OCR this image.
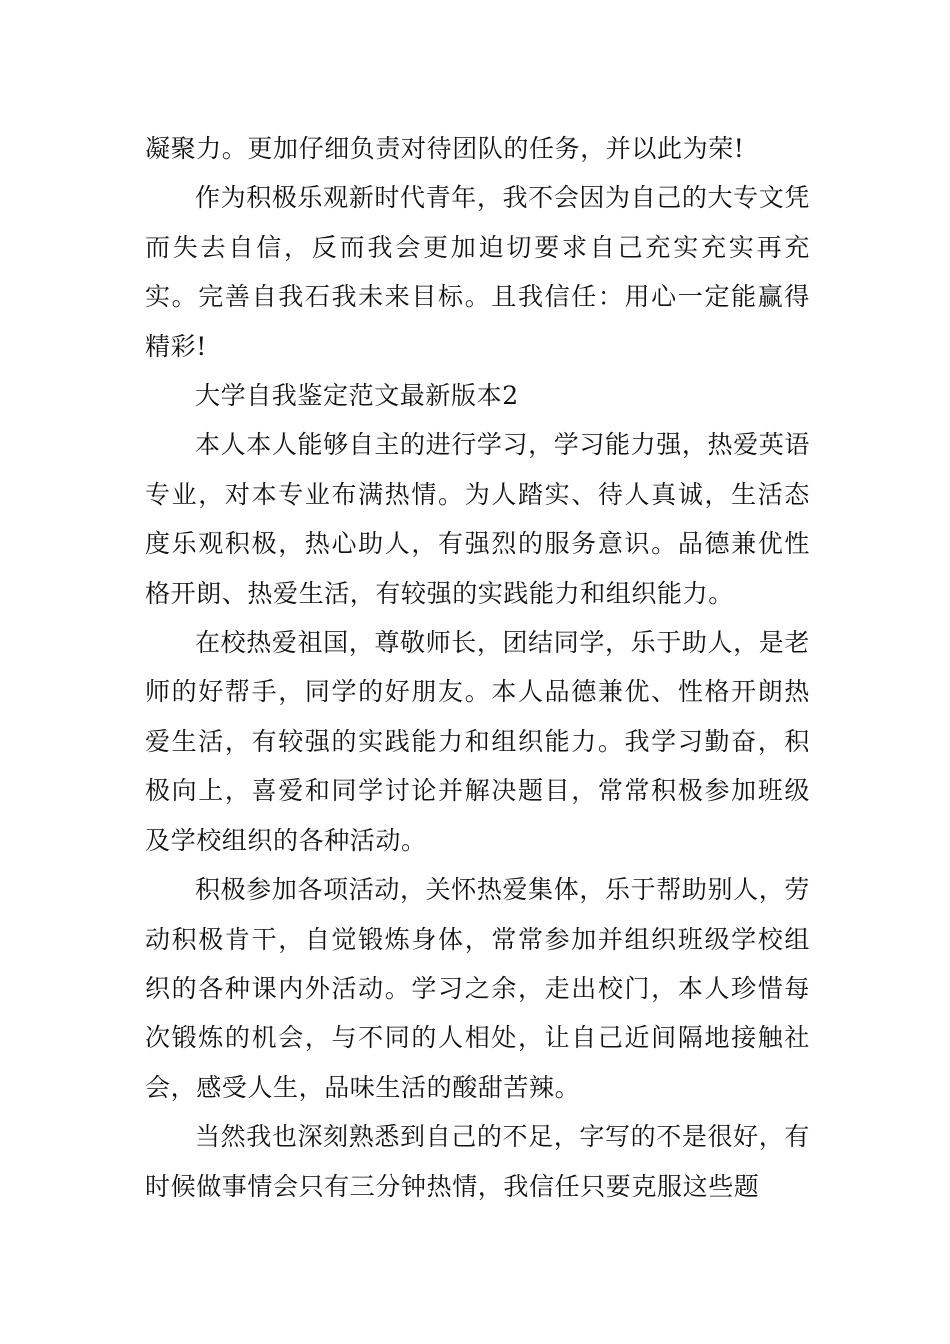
凝聚力。更加仔细负责对待团队的任务，并以此为荣!

作为积极乐观新时代青年，我不会因为自己的大专文凭而失去自信，反而我会更加迫切要求自己充实充实再充实。完善自我石我未来目标。且我信任：用心一定能赢得精彩!

大学自我鉴定范文最新版本2

本人本人能够自主的进行学习，学习能力强，热爱英语专业，对本专业布满热情。为人踏实、待人真诚，生活态度乐观积极，热心助人，有强烈的服务意识。品德兼优性格开朗、热爱生活，有较强的实践能力和组织能力。

在校热爱祖国，尊敬师长，团结同学，乐于助人，是老师的好帮手，同学的好朋友。本人品德兼优、性格开朗热爱生活，有较强的实践能力和组织能力。我学习勤奋，积极向上，喜爱和同学讨论并解决题目，常常积极参加班级及学校组织的各种活动。

积极参加各项活动，关怀热爱集体，乐于帮助别人，劳动积极肯干，自觉锻炼身体，常常参加并组织班级学校组织的各种课内外活动。学习之余，走出校门，本人珍惜每次锻炼的机会，与不同的人相处，让自己近间隔地接触社会，感受人生，品味生活的酸甜苦辣。

当然我也深刻熟悉到自己的不足，字写的不是很好，有时候做事情会只有三分钟热情，我信任只要克服这些题
